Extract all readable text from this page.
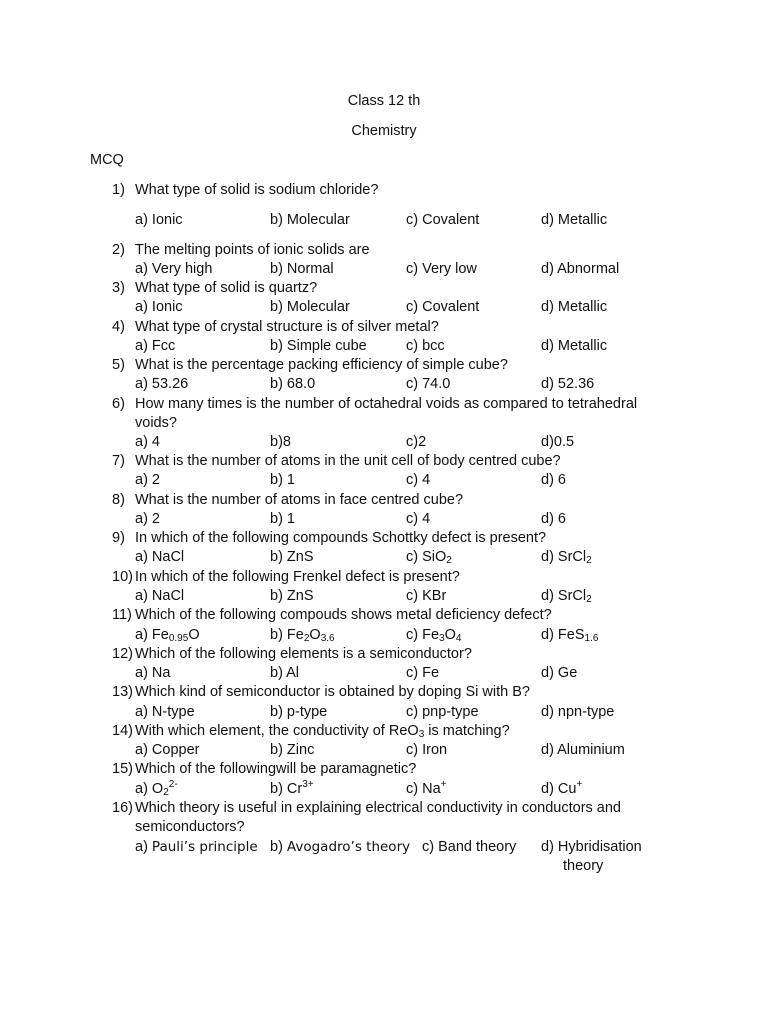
Class 12 th
Chemistry
MCQ
1) What type of solid is sodium chloride?
a) Ionic	b) Molecular	c) Covalent	d) Metallic
2) The melting points of ionic solids are
a) Very high	b) Normal	c) Very low	d) Abnormal
3) What type of solid is quartz?
a) Ionic	b) Molecular	c) Covalent	d) Metallic
4) What type of crystal structure is of silver metal?
a) Fcc	b) Simple cube	c) bcc	d) Metallic
5) What is the percentage packing efficiency of simple cube?
a) 53.26	b) 68.0	c) 74.0	d) 52.36
6) How many times is the number of octahedral voids as compared to tetrahedral
voids?
a) 4	b)8	c)2	d)0.5
7) What is the number of atoms in the unit cell of body centred cube?
a) 2	b) 1	c) 4	d) 6
8) What is the number of atoms in face centred cube?
a) 2	b) 1	c) 4	d) 6
9) In which of the following compounds Schottky defect is present?
a) NaCl	b) ZnS	c) SiO$_2$	d) SrCl$_2$
10) In which of the following Frenkel defect is present?
a) NaCl	b) ZnS	c) KBr	d) SrCl$_2$
11) Which of the following compouds shows metal deficiency defect?
a) $Fe_{0.95}O$	b) $Fe_2O_{3.6}$	c) $Fe_3O_4$	d) FeS$_{1.6}$
12) Which of the following elements is a semiconductor?
a) Na	b) Al	c) Fe	d) Ge
13) Which kind of semiconductor is obtained by doping Si with B?
a) N-type	b) p-type	c) pnp-type	d) npn-type
14) With which element, the conductivity of ReO$_3$ is matching?
a) Copper	b) Zinc	c) Iron	d) Aluminium
15) Which of the followingwill be paramagnetic?
a) $O_2^{2-}$	b) $Cr^{3+}$	c) Na+	d) Cu+
16) Which theory is useful in explaining electrical conductivity in conductors and
semiconductors?
a) Pauli’s principle b) Avogadro’s theory c) Band theory d) Hybridisation
theory
